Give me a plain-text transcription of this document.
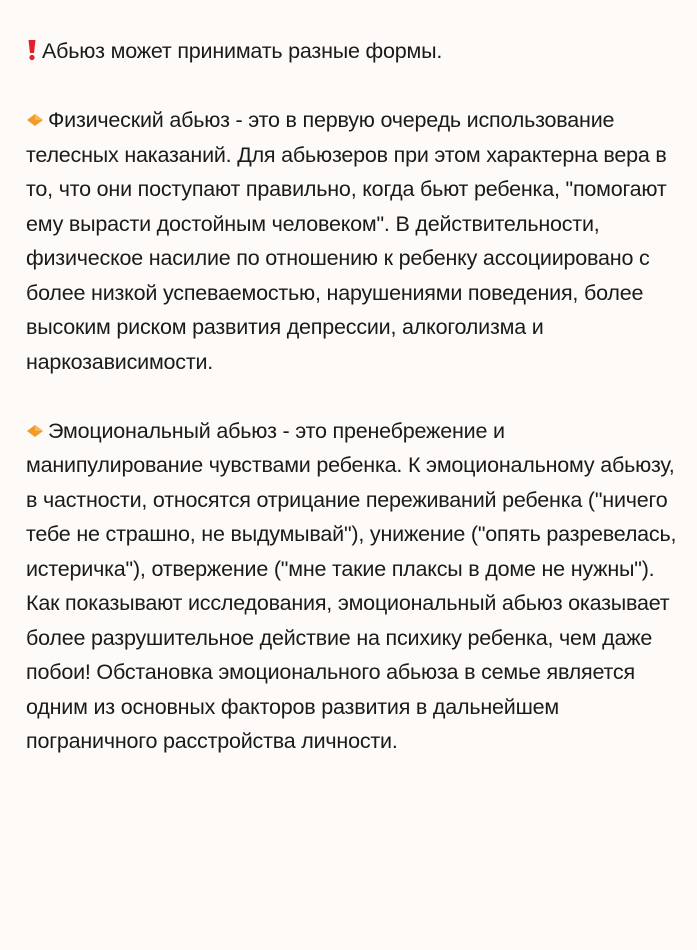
Абьюз может принимать разные формы.

Физический абьюз - это в первую очередь использование телесных наказаний. Для абьюзеров при этом характерна вера в то, что они поступают правильно, когда бьют ребенка, "помогают ему вырасти достойным человеком". В действительности, физическое насилие по отношению к ребенку ассоциировано с более низкой успеваемостью, нарушениями поведения, более высоким риском развития депрессии, алкоголизма и наркозависимости.

Эмоциональный абьюз - это пренебрежение и манипулирование чувствами ребенка. К эмоциональному абьюзу, в частности, относятся отрицание переживаний ребенка ("ничего тебе не страшно, не выдумывай"), унижение ("опять разревелась, истеричка"), отвержение ("мне такие плаксы в доме не нужны"). Как показывают исследования, эмоциональный абьюз оказывает более разрушительное действие на психику ребенка, чем даже побои! Обстановка эмоционального абьюза в семье является одним из основных факторов развития в дальнейшем пограничного расстройства личности.
